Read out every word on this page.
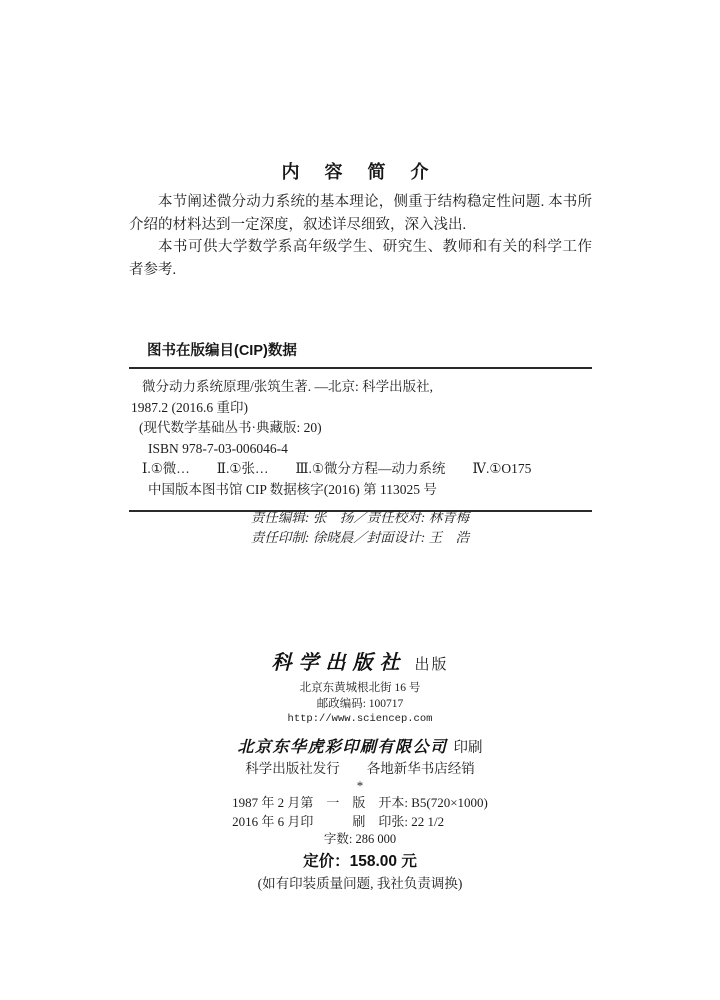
内 容 简 介

本节阐述微分动力系统的基本理论，侧重于结构稳定性问题. 本书所介绍的材料达到一定深度，叙述详尽细致，深入浅出.

本书可供大学数学系高年级学生、研究生、教师和有关的科学工作者参考.

图书在版编目(CIP)数据
微分动力系统原理/张筑生著. —北京: 科学出版社,
1987.2 (2016.6 重印)
(现代数学基础丛书·典藏版: 20)
ISBN 978-7-03-006046-4
Ⅰ.①微…　　Ⅱ.①张…　　Ⅲ.①微分方程—动力系统　　Ⅳ.①O175
中国版本图书馆 CIP 数据核字(2016) 第 113025 号
责任编辑: 张　扬／责任校对: 林青梅
责任印制: 徐晓晨／封面设计: 王　浩
科学出版社 出版
北京东黄城根北街 16 号
邮政编码: 100717
http://www.sciencep.com
北京东华虎彩印刷有限公司 印刷
科学出版社发行　　各地新华书店经销
*
1987 年 2 月第　一　版　开本: B5(720×1000)
2016 年 6 月印　　　刷　印张: 22 1/2
字数: 286 000
定价：158.00 元
(如有印装质量问题, 我社负责调换)
